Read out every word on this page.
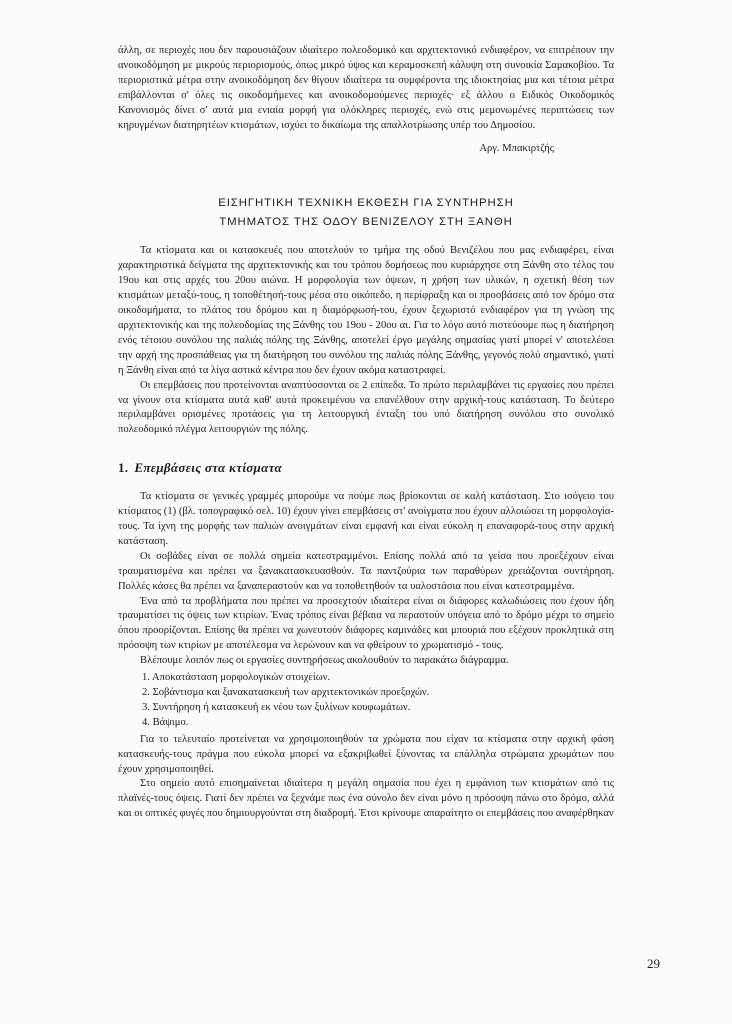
άλλη, σε περιοχές που δεν παρουσιάζουν ιδιαίτερο πολεοδομικό και αρχιτεκτονικό ενδιαφέρον, να επιτρέπουν την ανοικοδόμηση με μικρούς περιορισμούς, όπως μικρό ύψος και κεραμοσκεπή κάλυψη στη συνοικία Σαμακοβίου. Τα περιοριστικά μέτρα στην ανοικοδόμηση δεν θίγουν ιδιαίτερα τα συμφέροντα της ιδιοκτησίας μια και τέτοια μέτρα επιβάλλονται σ' όλες τις οικοδομήμενες και ανοικοδομούμενες περιοχές· εξ άλλου ο Ειδικός Οικοδομικός Κανονισμός δίνει σ' αυτά μια ενιαία μορφή για ολόκληρες περιοχές, ενώ στις μεμονωμένες περιπτώσεις των κηρυγμένων διατηρητέων κτισμάτων, ισχύει το δικαίωμα της απαλλοτρίωσης υπέρ του Δημοσίου.

Αργ. Μπακιρτζής
ΕΙΣΗΓΗΤΙΚΗ ΤΕΧΝΙΚΗ ΕΚΘΕΣΗ ΓΙΑ ΣΥΝΤΗΡΗΣΗ
ΤΜΗΜΑΤΟΣ ΤΗΣ ΟΔΟΥ ΒΕΝΙΖΕΛΟΥ ΣΤΗ ΞΑΝΘΗ

Τα κτίσματα και οι κατασκευές που αποτελούν το τμήμα της οδού Βενιζέλου που μας ενδιαφέρει, είναι χαρακτηριστικά δείγματα της αρχιτεκτονικής και του τρόπου δομήσεως που κυριάρχησε στη Ξάνθη στο τέλος του 19ου και στις αρχές του 20ου αιώνα. Η μορφολογία των όψεων, η χρήση των υλικών, η σχετική θέση των κτισμάτων μεταξύ-τους, η τοποθέτησή-τους μέσα στο οικόπεδο, η περίφραξη και οι προσβάσεις από τον δρόμο στα οικοδομήματα, το πλάτος του δρόμου και η διαμόρφωσή-του, έχουν ξεχωριστό ενδιαφέρον για τη γνώση της αρχιτεκτονικής και της πολεοδομίας της Ξάνθης του 19ου - 20ου αι. Για το λόγο αυτό πιστεύουμε πως η διατήρηση ενός τέτοιου συνόλου της παλιάς πόλης της Ξάνθης, αποτελεί έργο μεγάλης σημασίας γιατί μπορεί ν' αποτελέσει την αρχή της προσπάθειας για τη διατήρηση του συνόλου της παλιάς πόλης Ξάνθης, γεγονός πολύ σημαντικό, γιατί η Ξάνθη είναι από τα λίγα αστικά κέντρα που δεν έχουν ακόμα καταστραφεί.

Οι επεμβάσεις που προτείνονται αναπτύσσονται σε 2 επίπεδα. Το πρώτο περιλαμβάνει τις εργασίες που πρέπει να γίνουν στα κτίσματα αυτά καθ' αυτά προκειμένου να επανέλθουν στην αρχική-τους κατάσταση. Το δεύτερο περιλαμβάνει ορισμένες προτάσεις για τη λειτουργική ένταξη του υπό διατήρηση συνόλου στο συνολικό πολεοδομικό πλέγμα λειτουργιών της πόλης.

1. Επεμβάσεις στα κτίσματα

Τα κτίσματα σε γενικές γραμμές μπορούμε να πούμε πως βρίσκονται σε καλή κατάσταση. Στο ισόγειο του κτίσματος (1) (βλ. τοπογραφικό σελ. 10) έχουν γίνει επεμβάσεις στ' ανοίγματα που έχουν αλλοιώσει τη μορφολογία-τους. Τα ίχνη της μορφής των παλιών ανοιγμάτων είναι εμφανή και είναι εύκολη η επαναφορά-τους στην αρχική κατάσταση.

Οι σοβάδες είναι σε πολλά σημεία κατεστραμμένοι. Επίσης πολλά από τα γείσα που προεξέχουν είναι τραυματισμένα και πρέπει να ξανακατασκευασθούν. Τα παντζούρια των παραθύρων χρειάζονται συντήρηση. Πολλές κάσες θα πρέπει να ξαναπεραστούν και να τοποθετηθούν τα υαλοστάσια που είναι κατεστραμμένα.

Ένα από τα προβλήματα που πρέπει να προσεχτούν ιδιαίτερα είναι οι διάφορες καλωδιώσεις που έχουν ήδη τραυματίσει τις όψεις των κτιρίων. Ένας τρόπος είναι βέβαια να περαστούν υπόγεια από το δρόμο μέχρι το σημείο όπου προορίζονται. Επίσης θα πρέπει να χωνευτούν διάφορες καμινάδες και μπουριά που εξέχουν προκλητικά στη πρόσοψη των κτιρίων με αποτέλεσμα να λερώνουν και να φθείρουν το χρωματισμό - τους.

Βλέπουμε λοιπόν πως οι εργασίες συντηρήσεως ακολουθούν το παρακάτω διάγραμμα.

1. Αποκατάσταση μορφολογικών στοιχείων.
2. Σοβάντισμα και ξανακατασκευή των αρχιτεκτονικών προεξοχών.
3. Συντήρηση ή κατασκευή εκ νέου των ξυλίνων κουφωμάτων.
4. Βάψιμο.

Για το τελευταίο προτείνεται να χρησιμοποιηθούν τα χρώματα που είχαν τα κτίσματα στην αρχική φάση κατασκευής-τους πράγμα που εύκολα μπορεί να εξακριβωθεί ξύνοντας τα επάλληλα στρώματα χρωμάτων που έχουν χρησιμοποιηθεί.

Στο σημείο αυτό επισημαίνεται ιδιαίτερα η μεγάλη σημασία που έχει η εμφάνιση των κτισμάτων από τις πλαϊνές-τους όψεις. Γιατί δεν πρέπει να ξεχνάμε πως ένα σύνολο δεν είναι μόνο η πρόσοψη πάνω στο δρόμο, αλλά και οι οπτικές φυγές που δημιουργούνται στη διαδρομή. Έτσι κρίνουμε απαραίτητο οι επεμβάσεις που αναφέρθηκαν

29
